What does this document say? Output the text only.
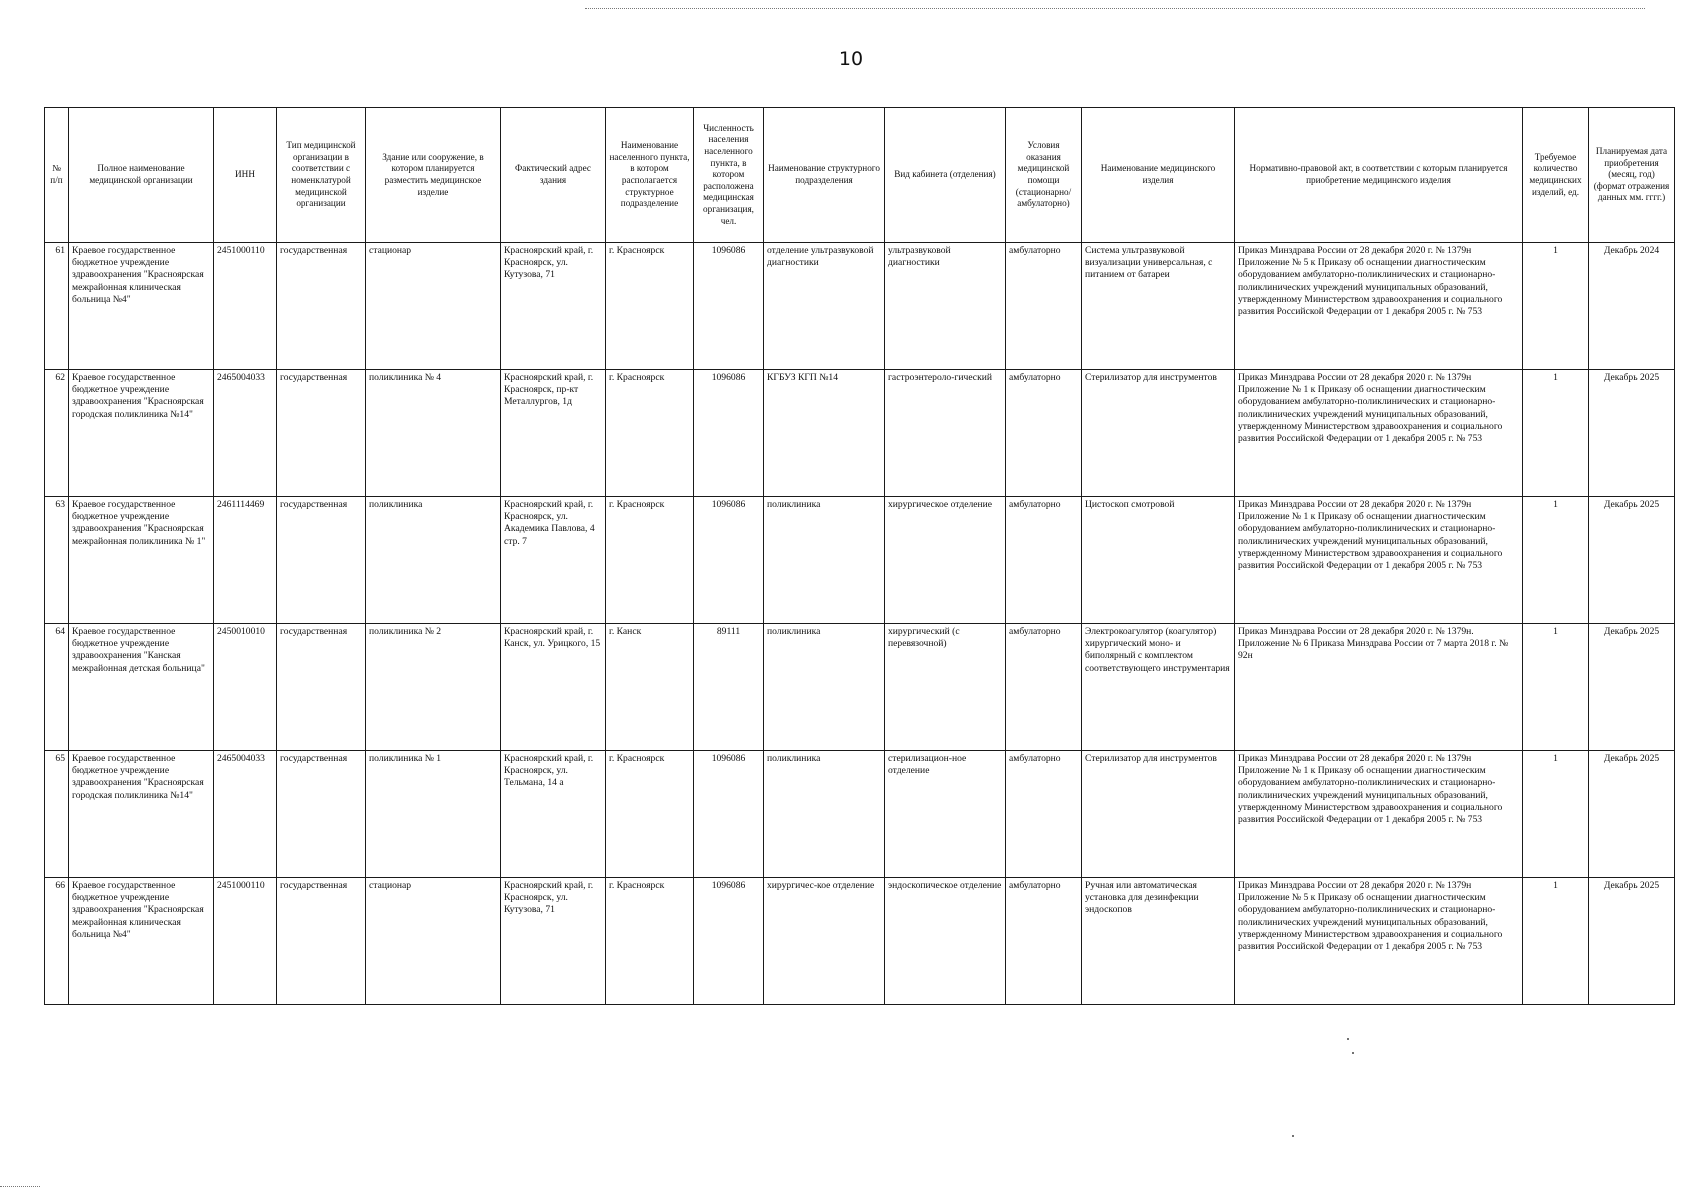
10
№ п/п	Полное наименование медицинской организации	ИНН	Тип медицинской организации в соответствии с номенклатурой медицинской организации	Здание или сооружение, в котором планируется разместить медицинское изделие	Фактический адрес здания	Наименование населенного пункта, в котором располагается структурное подразделение	Численность населения населенного пункта, в котором расположена медицинская организация, чел.	Наименование структурного подразделения	Вид кабинета (отделения)	Условия оказания медицинской помощи (стационарно/ амбулаторно)	Наименование медицинского изделия	Нормативно-правовой акт, в соответствии с которым планируется приобретение медицинского изделия	Требуемое количество медицинских изделий, ед.	Планируемая дата приобретения (месяц, год) (формат отражения данных мм. гггг.)
61	Краевое государственное бюджетное учреждение здравоохранения "Красноярская межрайонная клиническая больница №4"	2451000110	государственная	стационар	Красноярский край, г. Красноярск, ул. Кутузова, 71	г. Красноярск	1096086	отделение ультразвуковой диагностики	ультразвуковой диагностики	амбулаторно	Система ультразвуковой визуализации универсальная, с питанием от батареи	Приказ Минздрава России от 28 декабря 2020 г. № 1379н Приложение № 5 к Приказу об оснащении диагностическим оборудованием амбулаторно-поликлинических и стационарно-поликлинических учреждений муниципальных образований, утвержденному Министерством здравоохранения и социального развития Российской Федерации от 1 декабря 2005 г. № 753	1	Декабрь 2024
62	Краевое государственное бюджетное учреждение здравоохранения "Красноярская городская поликлиника №14"	2465004033	государственная	поликлиника № 4	Красноярский край, г. Красноярск, пр-кт Металлургов, 1д	г. Красноярск	1096086	КГБУЗ КГП №14	гастроэнтероло-гический	амбулаторно	Стерилизатор для инструментов	Приказ Минздрава России от 28 декабря 2020 г. № 1379н Приложение № 1 к Приказу об оснащении диагностическим оборудованием амбулаторно-поликлинических и стационарно-поликлинических учреждений муниципальных образований, утвержденному Министерством здравоохранения и социального развития Российской Федерации от 1 декабря 2005 г. № 753	1	Декабрь 2025
63	Краевое государственное бюджетное учреждение здравоохранения "Красноярская межрайонная поликлиника № 1"	2461114469	государственная	поликлиника	Красноярский край, г. Красноярск, ул. Академика Павлова, 4 стр. 7	г. Красноярск	1096086	поликлиника	хирургическое отделение	амбулаторно	Цистоскоп смотровой	Приказ Минздрава России от 28 декабря 2020 г. № 1379н Приложение № 1 к Приказу об оснащении диагностическим оборудованием амбулаторно-поликлинических и стационарно-поликлинических учреждений муниципальных образований, утвержденному Министерством здравоохранения и социального развития Российской Федерации от 1 декабря 2005 г. № 753	1	Декабрь 2025
64	Краевое государственное бюджетное учреждение здравоохранения "Канская межрайонная детская больница"	2450010010	государственная	поликлиника № 2	Красноярский край, г. Канск, ул. Урицкого, 15	г. Канск	89111	поликлиника	хирургический (с перевязочной)	амбулаторно	Электрокоагулятор (коагулятор) хирургический моно- и биполярный с комплектом соответствующего инструментария	Приказ Минздрава России от 28 декабря 2020 г. № 1379н. Приложение № 6 Приказа Минздрава России от 7 марта 2018 г. № 92н	1	Декабрь 2025
65	Краевое государственное бюджетное учреждение здравоохранения "Красноярская городская поликлиника №14"	2465004033	государственная	поликлиника № 1	Красноярский край, г. Красноярск, ул. Тельмана, 14 а	г. Красноярск	1096086	поликлиника	стерилизацион-ное отделение	амбулаторно	Стерилизатор для инструментов	Приказ Минздрава России от 28 декабря 2020 г. № 1379н Приложение № 1 к Приказу об оснащении диагностическим оборудованием амбулаторно-поликлинических и стационарно-поликлинических учреждений муниципальных образований, утвержденному Министерством здравоохранения и социального развития Российской Федерации от 1 декабря 2005 г. № 753	1	Декабрь 2025
66	Краевое государственное бюджетное учреждение здравоохранения "Красноярская межрайонная клиническая больница №4"	2451000110	государственная	стационар	Красноярский край, г. Красноярск, ул. Кутузова, 71	г. Красноярск	1096086	хирургичес-кое отделение	эндоскопическое отделение	амбулаторно	Ручная или автоматическая установка для дезинфекции эндоскопов	Приказ Минздрава России от 28 декабря 2020 г. № 1379н Приложение № 5 к Приказу об оснащении диагностическим оборудованием амбулаторно-поликлинических и стационарно-поликлинических учреждений муниципальных образований, утвержденному Министерством здравоохранения и социального развития Российской Федерации от 1 декабря 2005 г. № 753	1	Декабрь 2025
